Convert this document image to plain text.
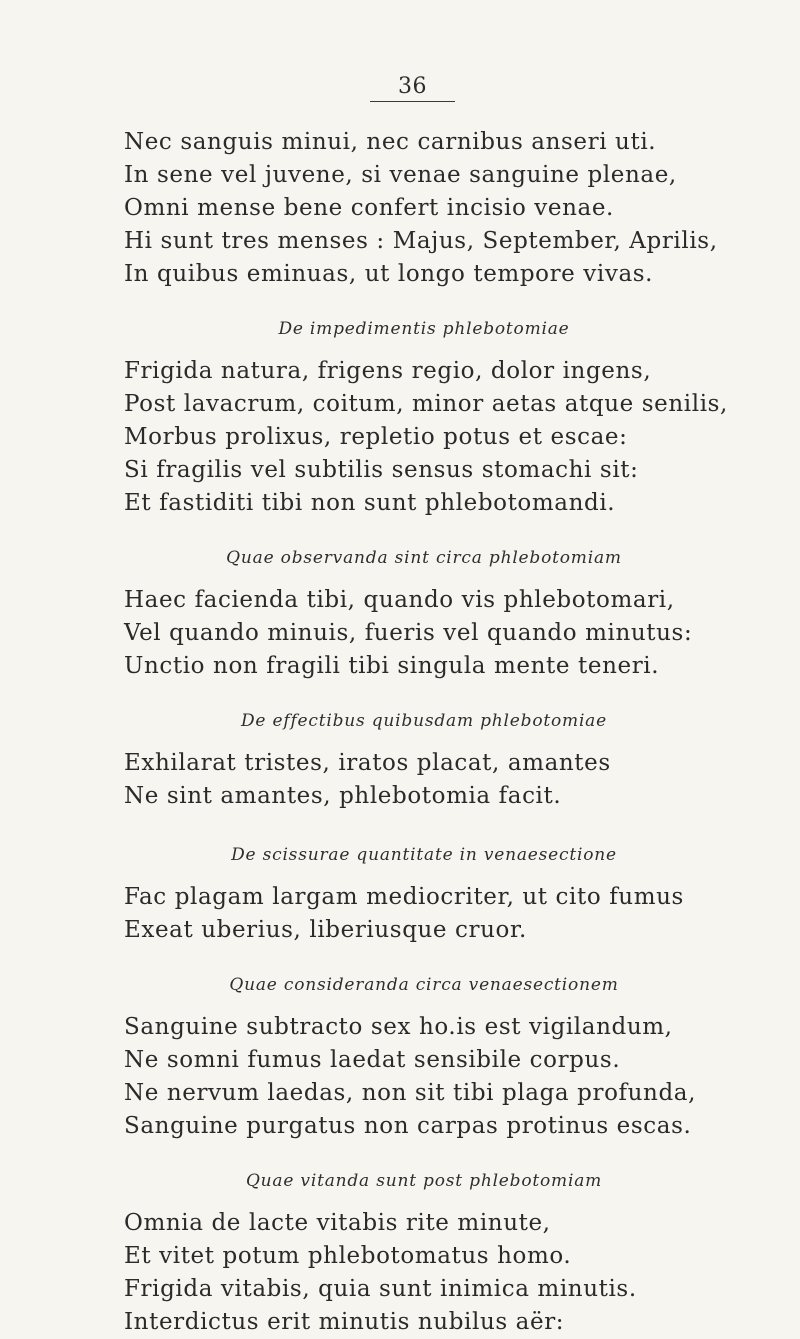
36
Nec sanguis minui, nec carnibus anseri uti.
In sene vel juvene, si venae sanguine plenae,
Omni mense bene confert incisio venae.
Hi sunt tres menses : Majus, September, Aprilis,
In quibus eminuas, ut longo tempore vivas.
De impedimentis phlebotomiae
Frigida natura, frigens regio, dolor ingens,
Post lavacrum, coitum, minor aetas atque senilis,
Morbus prolixus, repletio potus et escae:
Si fragilis vel subtilis sensus stomachi sit:
Et fastiditi tibi non sunt phlebotomandi.
Quae observanda sint circa phlebotomiam
Haec facienda tibi, quando vis phlebotomari,
Vel quando minuis, fueris vel quando minutus:
Unctio non fragili tibi singula mente teneri.
De effectibus quibusdam phlebotomiae
Exhilarat tristes, iratos placat, amantes
Ne sint amantes, phlebotomia facit.
De scissurae quantitate in venaesectione
Fac plagam largam mediocriter, ut cito fumus
Exeat uberius, liberiusque cruor.
Quae consideranda circa venaesectionem
Sanguine subtracto sex ho.is est vigilandum,
Ne somni fumus laedat sensibile corpus.
Ne nervum laedas, non sit tibi plaga profunda,
Sanguine purgatus non carpas protinus escas.
Quae vitanda sunt post phlebotomiam
Omnia de lacte vitabis rite minute,
Et vitet potum phlebotomatus homo.
Frigida vitabis, quia sunt inimica minutis.
Interdictus erit minutis nubilus aër:
